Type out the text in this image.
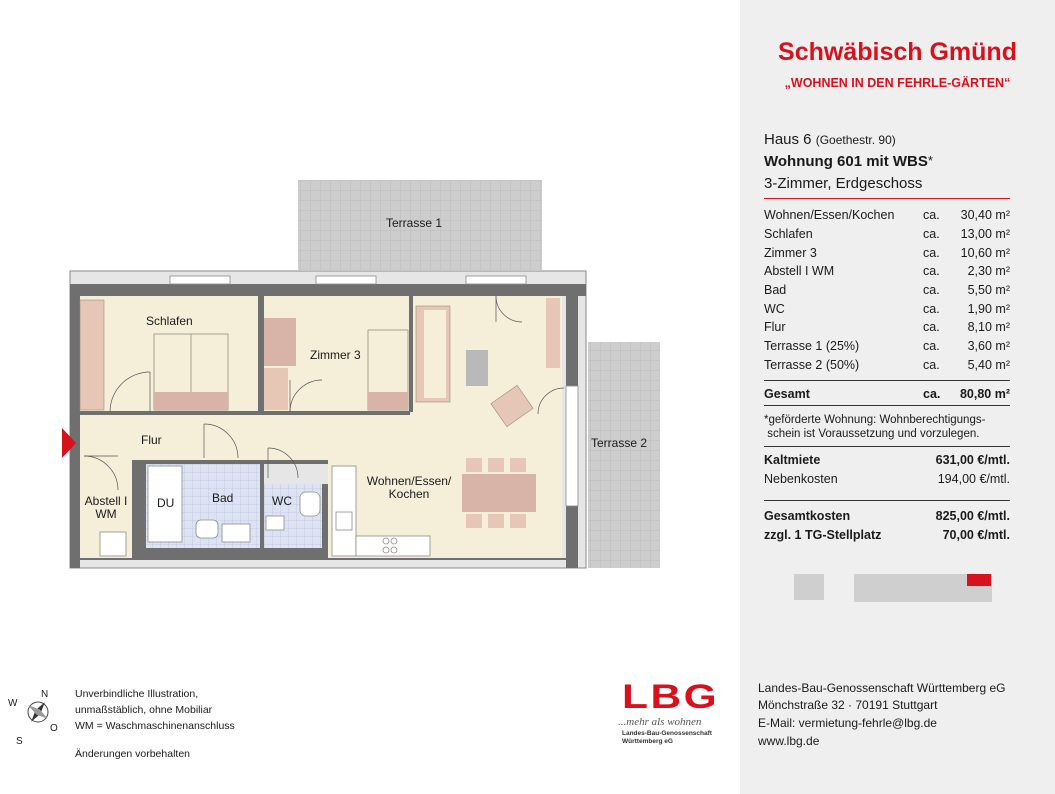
Terrasse 1
Terrasse 2
Schlafen
Zimmer 3
Flur
Abstell I
WM
DU	Bad	WC
Wohnen/Essen/
Kochen
N
O
S
W
Unverbindliche Illustration,
unmaßstäblich, ohne Mobiliar
WM = Waschmaschinenanschluss
Änderungen vorbehalten
LBG
...mehr als wohnen
Landes-Bau-Genossenschaft
Württemberg eG
Schwäbisch Gmünd
„WOHNEN IN DEN FEHRLE-GÄRTEN“
Haus 6 (Goethestr. 90)
Wohnung 601 mit WBS*
3-Zimmer, Erdgeschoss
Wohnen/Essen/Kochen ca. 30,40 m²
Schlafen	ca. 13,00 m²
Zimmer 3	ca. 10,60 m²
Abstell I WM	ca. 2,30 m²
Bad	ca. 5,50 m²
WC	ca. 1,90 m²
Flur	ca. 8,10 m²
Terrasse 1 (25%)	ca. 3,60 m²
Terrasse 2 (50%)	ca. 5,40 m²
Gesamt	ca. 80,80 m²
*geförderte Wohnung: Wohnberechtigungs-
schein ist Voraussetzung und vorzulegen.
Kaltmiete	631,00 €/mtl.
Nebenkosten	194,00 €/mtl.
Gesamtkosten	825,00 €/mtl.
zzgl. 1 TG-Stellplatz	70,00 €/mtl.
Landes-Bau-Genossenschaft Württemberg eG
Mönchstraße 32 · 70191 Stuttgart
E-Mail: vermietung-fehrle@lbg.de
www.lbg.de
